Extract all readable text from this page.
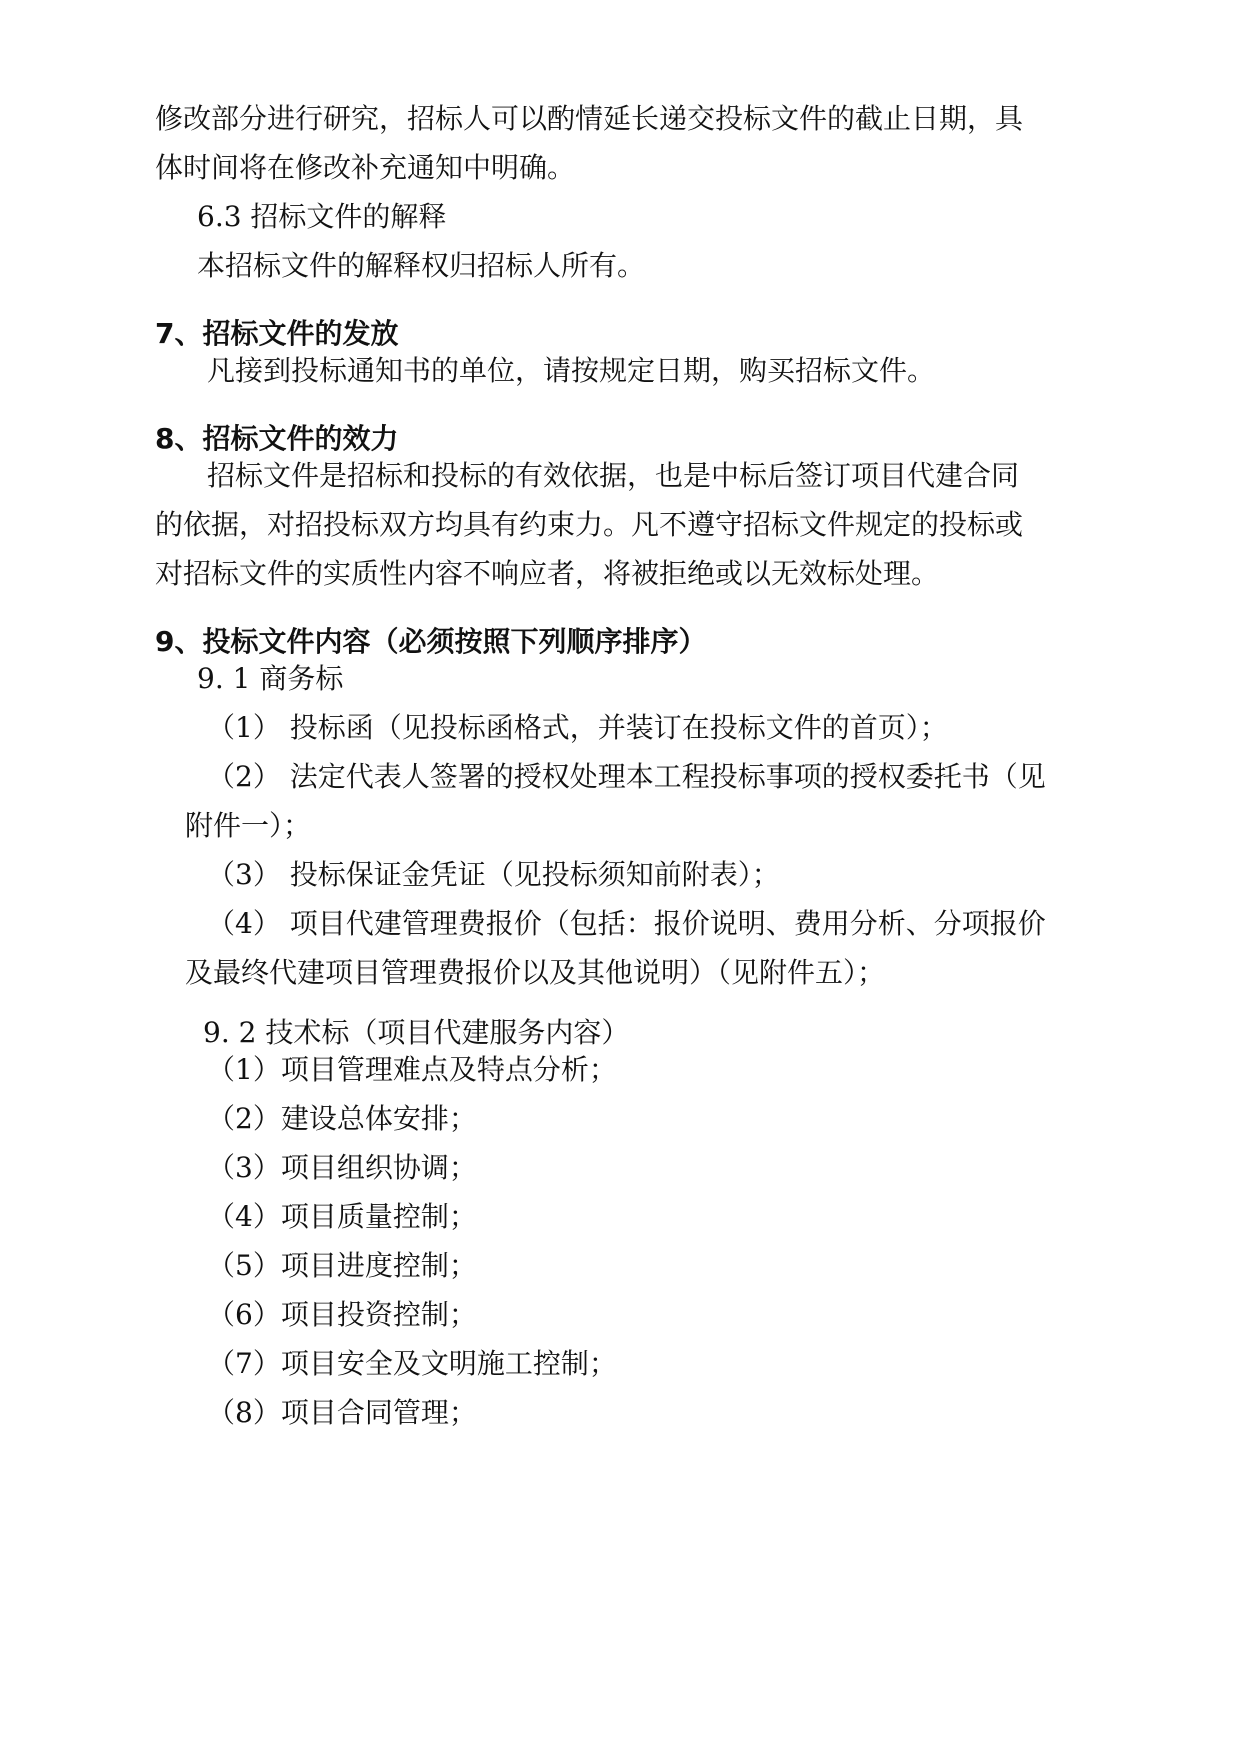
修改部分进行研究，招标人可以酌情延长递交投标文件的截止日期，具

体时间将在修改补充通知中明确。

6.3 招标文件的解释

本招标文件的解释权归招标人所有。

7、招标文件的发放

凡接到投标通知书的单位，请按规定日期，购买招标文件。

8、招标文件的效力

招标文件是招标和投标的有效依据，也是中标后签订项目代建合同

的依据，对招投标双方均具有约束力。凡不遵守招标文件规定的投标或

对招标文件的实质性内容不响应者，将被拒绝或以无效标处理。

9、投标文件内容（必须按照下列顺序排序）

9. 1 商务标

（1） 投标函（见投标函格式，并装订在投标文件的首页）；

（2） 法定代表人签署的授权处理本工程投标事项的授权委托书（见

附件一）；

（3） 投标保证金凭证（见投标须知前附表）；

（4） 项目代建管理费报价（包括：报价说明、费用分析、分项报价

及最终代建项目管理费报价以及其他说明）（见附件五）；

9. 2 技术标（项目代建服务内容）

（1）项目管理难点及特点分析；

（2）建设总体安排；

（3）项目组织协调；

（4）项目质量控制；

（5）项目进度控制；

（6）项目投资控制；

（7）项目安全及文明施工控制；

（8）项目合同管理；
